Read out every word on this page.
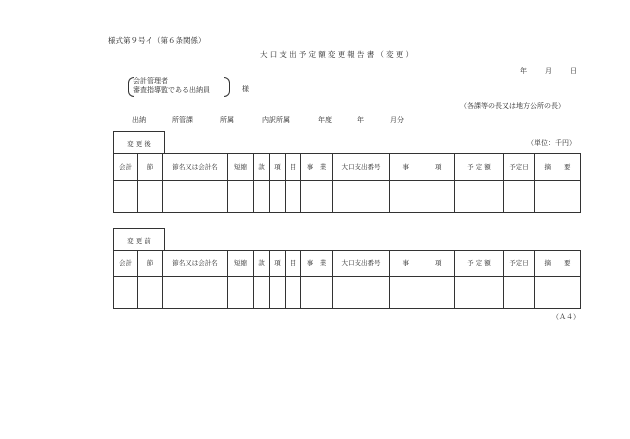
様式第９号イ（第６条関係）
大口支出予定額変更報告書（変更）
年	月	日
会計管理者
審査指導監である出納員	様
（各課等の長又は地方公所の長）
出納	所管課	所属	内訳所属	年度	年	月分
変 更 後	（単位：千円）
会計	節	節名又は会計名	短縮	款	項	目	事　業	大口支出番号	事　　　　項	予 定 額	予定日	摘　　要

変 更 前
会計	節	節名又は会計名	短縮	款	項	目	事　業	大口支出番号	事　　　　項	予 定 額	予定日	摘　　要

（Ａ４）
